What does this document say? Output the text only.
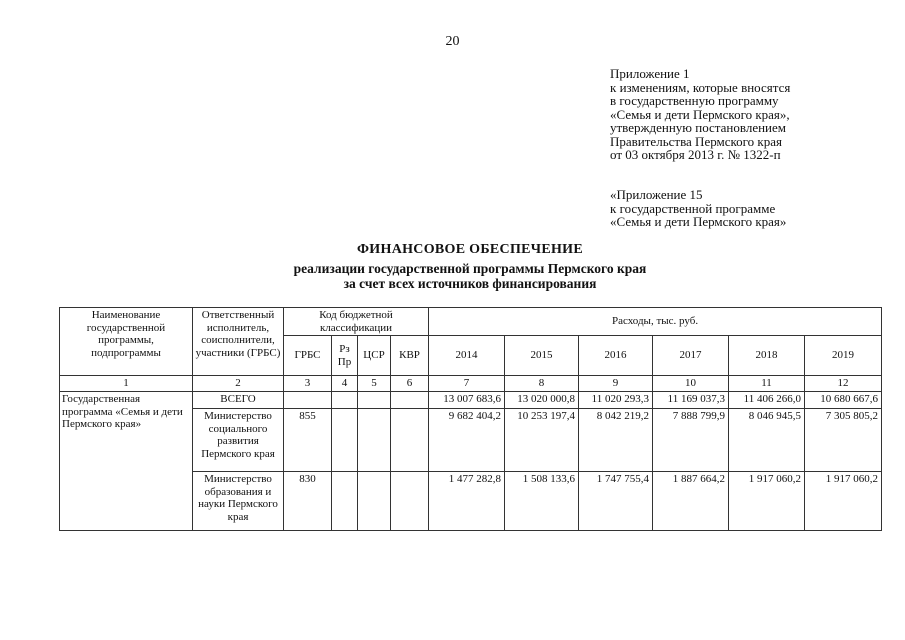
20
Приложение 1
к изменениям, которые вносятся
в государственную программу
«Семья и дети Пермского края»,
утвержденную постановлением
Правительства Пермского края
от 03 октября 2013 г. № 1322-п
«Приложение 15
к государственной программе
«Семья и дети Пермского края»
ФИНАНСОВОЕ ОБЕСПЕЧЕНИЕ
реализации государственной программы Пермского края
за счет всех источников финансирования
Наименование государственной программы, подпрограммы	Ответственный исполнитель, соисполнители, участники (ГРБС)	Код бюджетной классификации				Расходы, тыс. руб.					
		ГРБС	Рз Пр	ЦСР	КВР	2014	2015	2016	2017	2018	2019
1	2	3	4	5	6	7	8	9	10	11	12
Государственная программа «Семья и дети Пермского края»	ВСЕГО					13 007 683,6	13 020 000,8	11 020 293,3	11 169 037,3	11 406 266,0	10 680 667,6
	Министерство социального развития Пермского края	855				9 682 404,2	10 253 197,4	8 042 219,2	7 888 799,9	8 046 945,5	7 305 805,2
	Министерство образования и науки Пермского края	830				1 477 282,8	1 508 133,6	1 747 755,4	1 887 664,2	1 917 060,2	1 917 060,2
